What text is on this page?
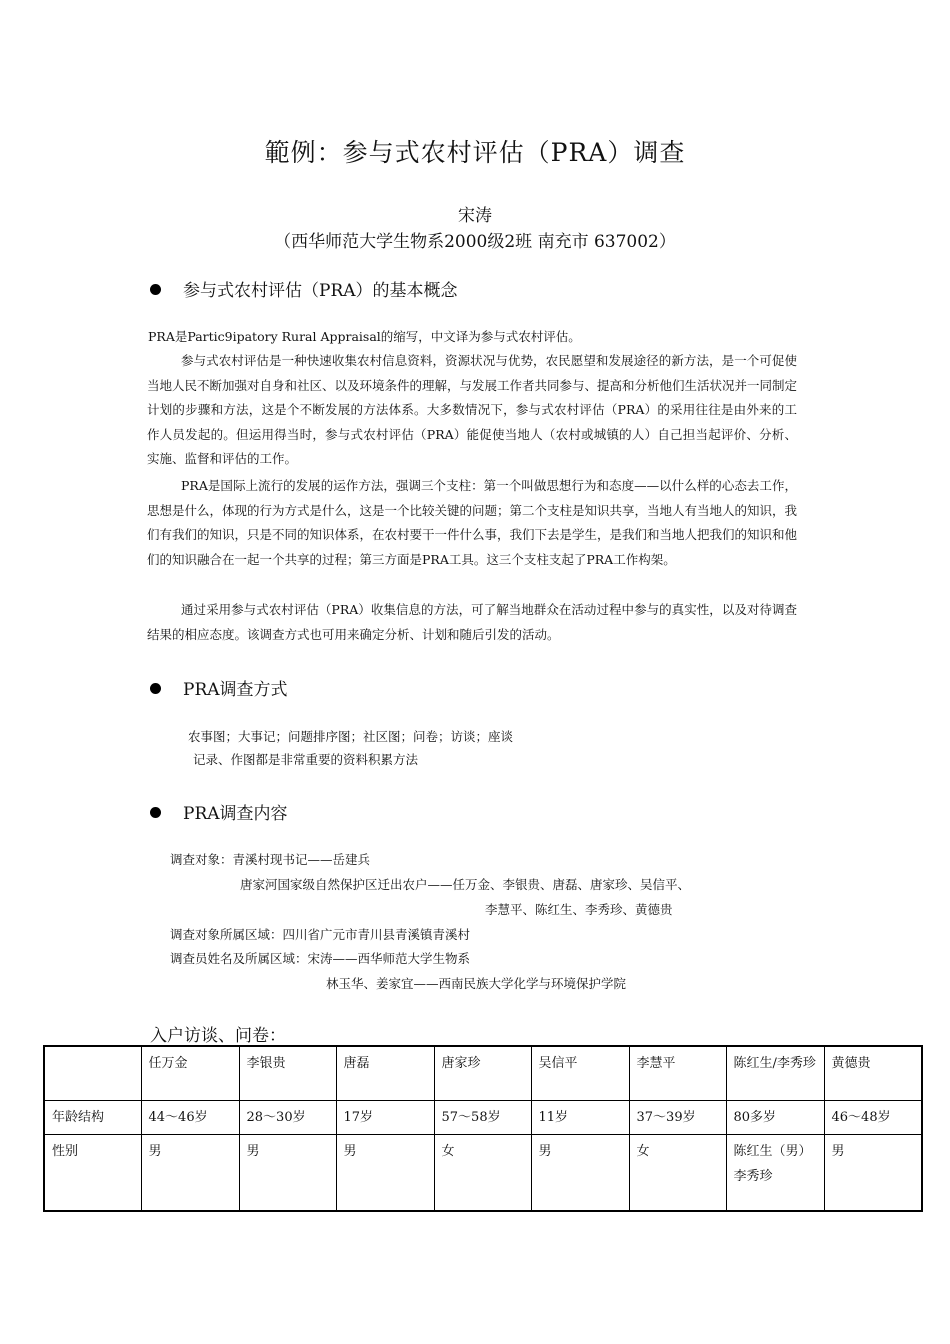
範例：参与式农村评估（PRA）调查
宋涛
（西华师范大学生物系2000级2班 南充市 637002）
参与式农村评估（PRA）的基本概念
PRA是Partic9ipatory Rural Appraisal的缩写，中文译为参与式农村评估。
参与式农村评估是一种快速收集农村信息资料，资源状况与优势，农民愿望和发展途径的新方法，是一个可促使当地人民不断加强对自身和社区、以及环境条件的理解，与发展工作者共同参与、提高和分析他们生活状况并一同制定计划的步骤和方法，这是个不断发展的方法体系。大多数情况下，参与式农村评估（PRA）的采用往往是由外来的工作人员发起的。但运用得当时，参与式农村评估（PRA）能促使当地人（农村或城镇的人）自己担当起评价、分析、实施、监督和评估的工作。
PRA是国际上流行的发展的运作方法，强调三个支柱：第一个叫做思想行为和态度——以什么样的心态去工作，思想是什么，体现的行为方式是什么，这是一个比较关键的问题；第二个支柱是知识共享，当地人有当地人的知识，我们有我们的知识，只是不同的知识体系，在农村要干一件什么事，我们下去是学生，是我们和当地人把我们的知识和他们的知识融合在一起一个共享的过程；第三方面是PRA工具。这三个支柱支起了PRA工作构架。
通过采用参与式农村评估（PRA）收集信息的方法，可了解当地群众在活动过程中参与的真实性，以及对待调查结果的相应态度。该调查方式也可用来确定分析、计划和随后引发的活动。
PRA调查方式
农事图；大事记；问题排序图；社区图；问卷；访谈；座谈
记录、作图都是非常重要的资料积累方法
PRA调查内容
调查对象：青溪村现书记——岳建兵
唐家河国家级自然保护区迁出农户——任万金、李银贵、唐磊、唐家珍、吴信平、
李慧平、陈红生、李秀珍、黄德贵
调查对象所属区域：四川省广元市青川县青溪镇青溪村
调查员姓名及所属区域：宋涛——西华师范大学生物系
林玉华、姜家宜——西南民族大学化学与环境保护学院
入户访谈、问卷：
	任万金	李银贵	唐磊	唐家珍	吴信平	李慧平	陈红生/李秀珍	黄德贵
年龄结构	44～46岁	28～30岁	17岁	57～58岁	11岁	37～39岁	80多岁	46～48岁
性别	男	男	男	女	男	女	陈红生（男）李秀珍	男
